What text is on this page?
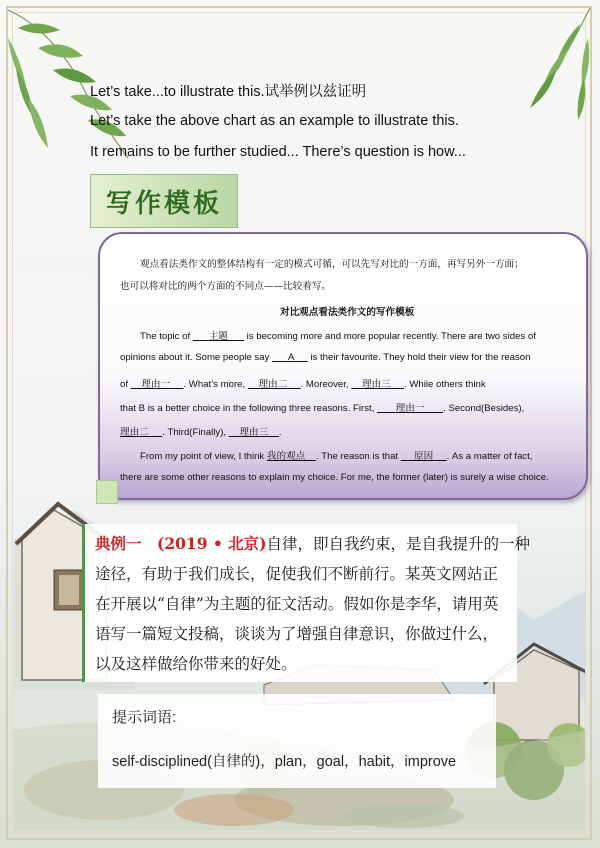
Let’s take...to illustrate this.试举例以兹证明
Let’s take the above chart as an example to illustrate this.
It remains to be further studied... There’s question is how...
写作模板
观点看法类作文的整体结构有一定的模式可循，可以先写对比的一方面，再写另外一方面；
也可以将对比的两个方面的不同点——比较着写。
对比观点看法类作文的写作模板
The topic of 主题 is becoming more and more popular recently. There are two sides of
opinions about it. Some people say A is their favourite. They hold their view for the reason
of 理由一 . What’s more, 理由二 . Moreover, 理由三 . While others think
that B is a better choice in the following three reasons. First, 理由一 . Second(Besides),
理由二 . Third(Finally), 理由三 .
From my point of view, I think 我的观点 . The reason is that 原因 . As a matter of fact,
there are some other reasons to explain my choice. For me, the former (later) is surely a wise choice.
典例一　(2019 • 北京)自律，即自我约束，是自我提升的一种
途径，有助于我们成长，促使我们不断前行。某英文网站正
在开展以“自律”为主题的征文活动。假如你是李华，请用英
语写一篇短文投稿，谈谈为了增强自律意识，你做过什么，
以及这样做给你带来的好处。
提示词语:
self-disciplined(自律的)，plan，goal，habit，improve
